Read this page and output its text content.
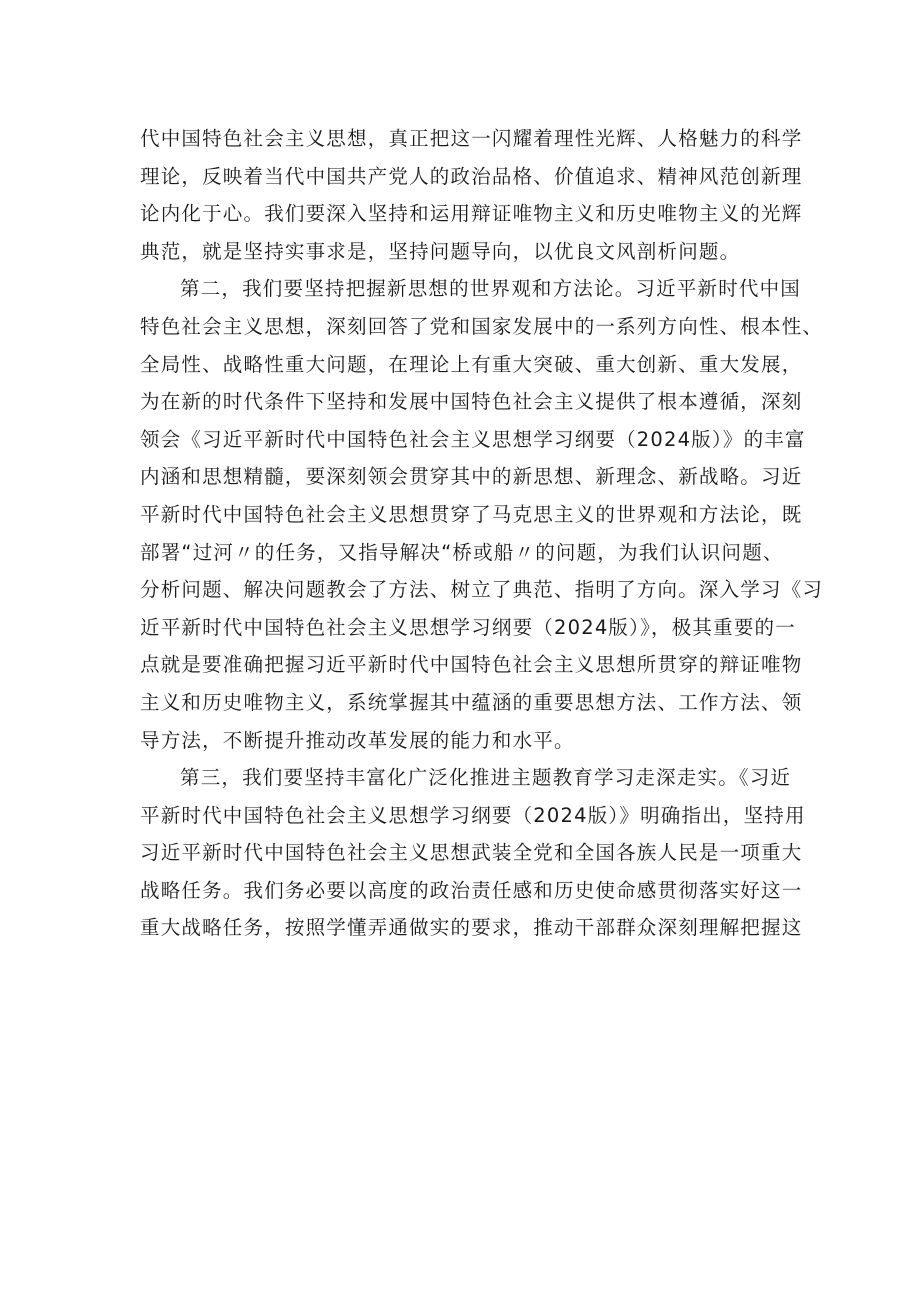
代中国特色社会主义思想，真正把这一闪耀着理性光辉、人格魅力的科学
理论，反映着当代中国共产党人的政治品格、价值追求、精神风范创新理
论内化于心。我们要深入坚持和运用辩证唯物主义和历史唯物主义的光辉
典范，就是坚持实事求是，坚持问题导向，以优良文风剖析问题。
第二，我们要坚持把握新思想的世界观和方法论。习近平新时代中国
特色社会主义思想，深刻回答了党和国家发展中的一系列方向性、根本性、
全局性、战略性重大问题，在理论上有重大突破、重大创新、重大发展，
为在新的时代条件下坚持和发展中国特色社会主义提供了根本遵循，深刻
领会《习近平新时代中国特色社会主义思想学习纲要（2024版）》的丰富
内涵和思想精髓，要深刻领会贯穿其中的新思想、新理念、新战略。习近
平新时代中国特色社会主义思想贯穿了马克思主义的世界观和方法论，既
部署“过河〃的任务，又指导解决“桥或船〃的问题，为我们认识问题、
分析问题、解决问题教会了方法、树立了典范、指明了方向。深入学习《习
近平新时代中国特色社会主义思想学习纲要（2024版）》，极其重要的一
点就是要准确把握习近平新时代中国特色社会主义思想所贯穿的辩证唯物
主义和历史唯物主义，系统掌握其中蕴涵的重要思想方法、工作方法、领
导方法，不断提升推动改革发展的能力和水平。
第三，我们要坚持丰富化广泛化推进主题教育学习走深走实。《习近
平新时代中国特色社会主义思想学习纲要（2024版）》明确指出，坚持用
习近平新时代中国特色社会主义思想武装全党和全国各族人民是一项重大
战略任务。我们务必要以高度的政治责任感和历史使命感贯彻落实好这一
重大战略任务，按照学懂弄通做实的要求，推动干部群众深刻理解把握这
